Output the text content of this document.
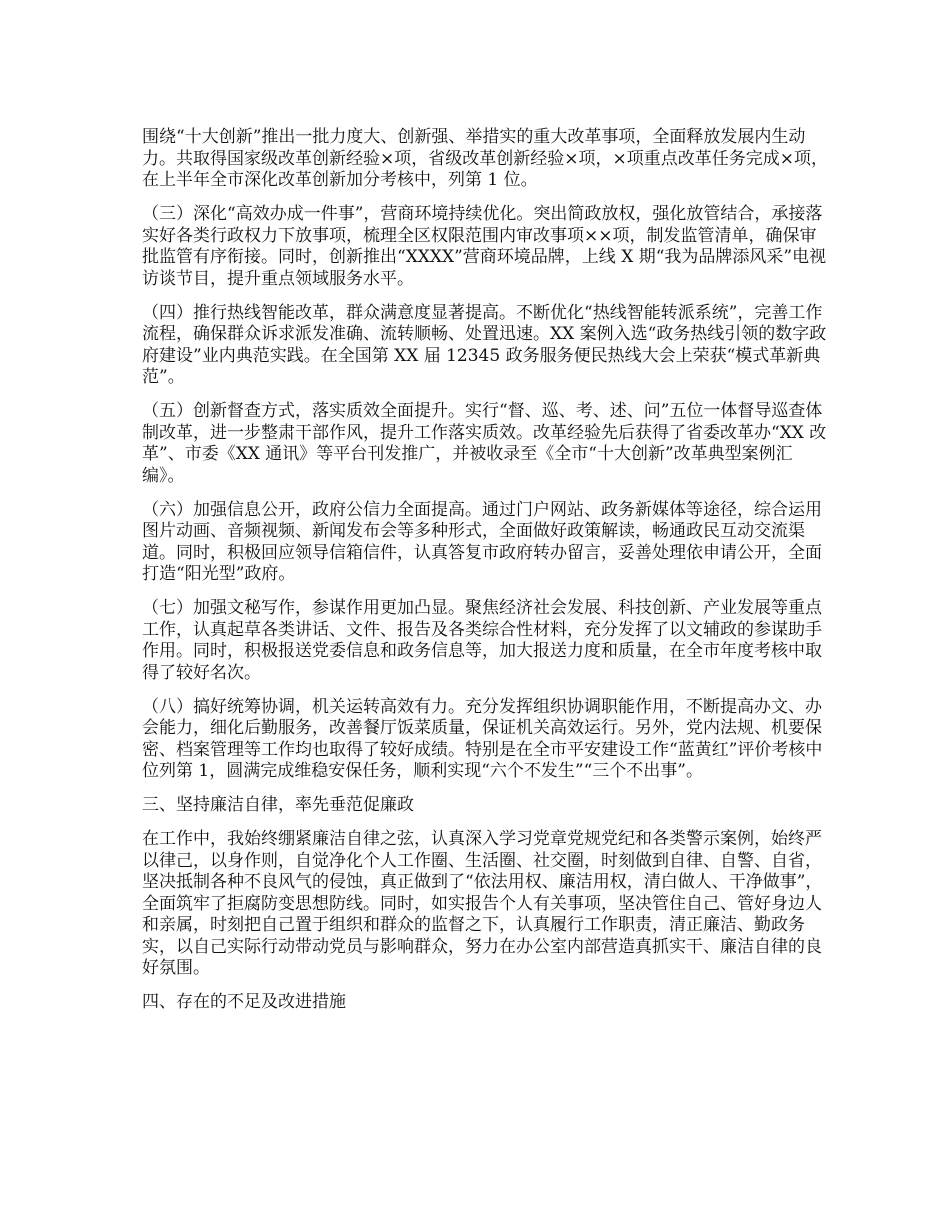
围绕“十大创新”推出一批力度大、创新强、举措实的重大改革事项，全面释放发展内生动力。共取得国家级改革创新经验×项，省级改革创新经验×项，×项重点改革任务完成×项，在上半年全市深化改革创新加分考核中，列第 1 位。

（三）深化“高效办成一件事”，营商环境持续优化。突出简政放权，强化放管结合，承接落实好各类行政权力下放事项，梳理全区权限范围内审改事项××项，制发监管清单，确保审批监管有序衔接。同时，创新推出“XXXX”营商环境品牌，上线 X 期“我为品牌添风采”电视访谈节目，提升重点领域服务水平。

（四）推行热线智能改革，群众满意度显著提高。不断优化“热线智能转派系统”，完善工作流程，确保群众诉求派发准确、流转顺畅、处置迅速。XX 案例入选“政务热线引领的数字政府建设”业内典范实践。在全国第 XX 届 12345 政务服务便民热线大会上荣获“模式革新典范”。

（五）创新督查方式，落实质效全面提升。实行“督、巡、考、述、问”五位一体督导巡查体制改革，进一步整肃干部作风，提升工作落实质效。改革经验先后获得了省委改革办“XX 改革”、市委《XX 通讯》等平台刊发推广，并被收录至《全市“十大创新”改革典型案例汇编》。

（六）加强信息公开，政府公信力全面提高。通过门户网站、政务新媒体等途径，综合运用图片动画、音频视频、新闻发布会等多种形式，全面做好政策解读，畅通政民互动交流渠道。同时，积极回应领导信箱信件，认真答复市政府转办留言，妥善处理依申请公开，全面打造“阳光型”政府。

（七）加强文秘写作，参谋作用更加凸显。聚焦经济社会发展、科技创新、产业发展等重点工作，认真起草各类讲话、文件、报告及各类综合性材料，充分发挥了以文辅政的参谋助手作用。同时，积极报送党委信息和政务信息等，加大报送力度和质量，在全市年度考核中取得了较好名次。

（八）搞好统筹协调，机关运转高效有力。充分发挥组织协调职能作用，不断提高办文、办会能力，细化后勤服务，改善餐厅饭菜质量，保证机关高效运行。另外，党内法规、机要保密、档案管理等工作均也取得了较好成绩。特别是在全市平安建设工作“蓝黄红”评价考核中位列第 1，圆满完成维稳安保任务，顺利实现“六个不发生”“三个不出事”。

三、坚持廉洁自律，率先垂范促廉政

在工作中，我始终绷紧廉洁自律之弦，认真深入学习党章党规党纪和各类警示案例，始终严以律己，以身作则，自觉净化个人工作圈、生活圈、社交圈，时刻做到自律、自警、自省，坚决抵制各种不良风气的侵蚀，真正做到了“依法用权、廉洁用权，清白做人、干净做事”，全面筑牢了拒腐防变思想防线。同时，如实报告个人有关事项，坚决管住自己、管好身边人和亲属，时刻把自己置于组织和群众的监督之下，认真履行工作职责，清正廉洁、勤政务实，以自己实际行动带动党员与影响群众，努力在办公室内部营造真抓实干、廉洁自律的良好氛围。

四、存在的不足及改进措施
